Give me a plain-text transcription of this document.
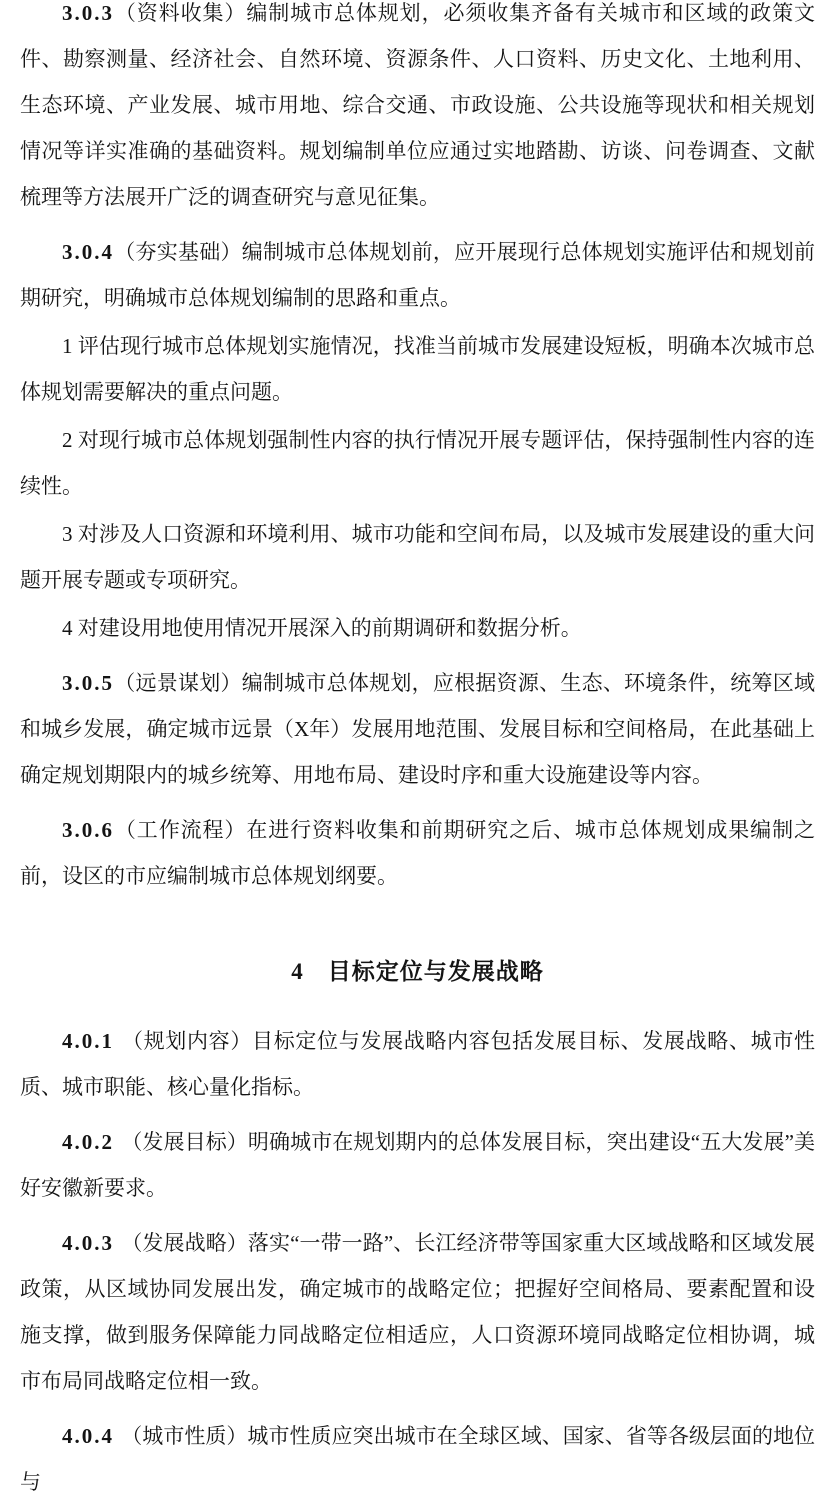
3.0.3（资料收集）编制城市总体规划，必须收集齐备有关城市和区域的政策文件、勘察测量、经济社会、自然环境、资源条件、人口资料、历史文化、土地利用、生态环境、产业发展、城市用地、综合交通、市政设施、公共设施等现状和相关规划情况等详实准确的基础资料。规划编制单位应通过实地踏勘、访谈、问卷调查、文献梳理等方法展开广泛的调查研究与意见征集。

3.0.4（夯实基础）编制城市总体规划前，应开展现行总体规划实施评估和规划前期研究，明确城市总体规划编制的思路和重点。

1 评估现行城市总体规划实施情况，找准当前城市发展建设短板，明确本次城市总体规划需要解决的重点问题。

2 对现行城市总体规划强制性内容的执行情况开展专题评估，保持强制性内容的连续性。

3 对涉及人口资源和环境利用、城市功能和空间布局，以及城市发展建设的重大问题开展专题或专项研究。

4 对建设用地使用情况开展深入的前期调研和数据分析。

3.0.5（远景谋划）编制城市总体规划，应根据资源、生态、环境条件，统筹区域和城乡发展，确定城市远景（X年）发展用地范围、发展目标和空间格局，在此基础上确定规划期限内的城乡统筹、用地布局、建设时序和重大设施建设等内容。

3.0.6（工作流程）在进行资料收集和前期研究之后、城市总体规划成果编制之前，设区的市应编制城市总体规划纲要。

4　目标定位与发展战略

4.0.1 （规划内容）目标定位与发展战略内容包括发展目标、发展战略、城市性质、城市职能、核心量化指标。

4.0.2 （发展目标）明确城市在规划期内的总体发展目标，突出建设“五大发展”美好安徽新要求。

4.0.3 （发展战略）落实“一带一路”、长江经济带等国家重大区域战略和区域发展政策，从区域协同发展出发，确定城市的战略定位；把握好空间格局、要素配置和设施支撑，做到服务保障能力同战略定位相适应，人口资源环境同战略定位相协调，城市布局同战略定位相一致。

4.0.4 （城市性质）城市性质应突出城市在全球区域、国家、省等各级层面的地位与
